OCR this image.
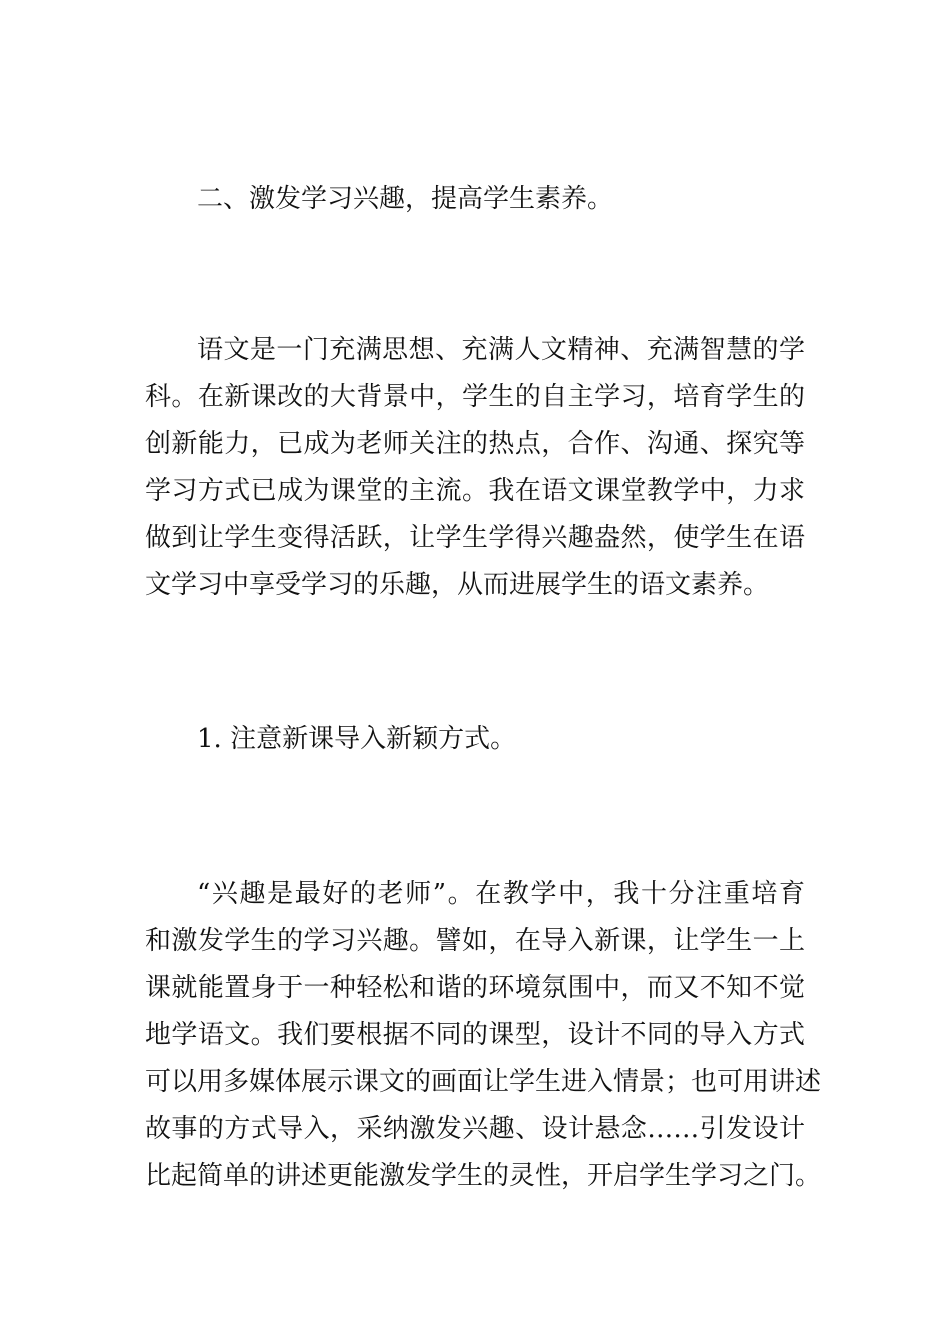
二、激发学习兴趣，提高学生素养。

语文是一门充满思想、充满人文精神、充满智慧的学
科。在新课改的大背景中，学生的自主学习，培育学生的
创新能力，已成为老师关注的热点，合作、沟通、探究等
学习方式已成为课堂的主流。我在语文课堂教学中，力求
做到让学生变得活跃，让学生学得兴趣盎然，使学生在语
文学习中享受学习的乐趣，从而进展学生的语文素养。

1. 注意新课导入新颖方式。

“兴趣是最好的老师”。在教学中，我十分注重培育
和激发学生的学习兴趣。譬如，在导入新课，让学生一上
课就能置身于一种轻松和谐的环境氛围中，而又不知不觉
地学语文。我们要根据不同的课型，设计不同的导入方式
可以用多媒体展示课文的画面让学生进入情景；也可用讲述
故事的方式导入，采纳激发兴趣、设计悬念……引发设计
比起简单的讲述更能激发学生的灵性，开启学生学习之门。
